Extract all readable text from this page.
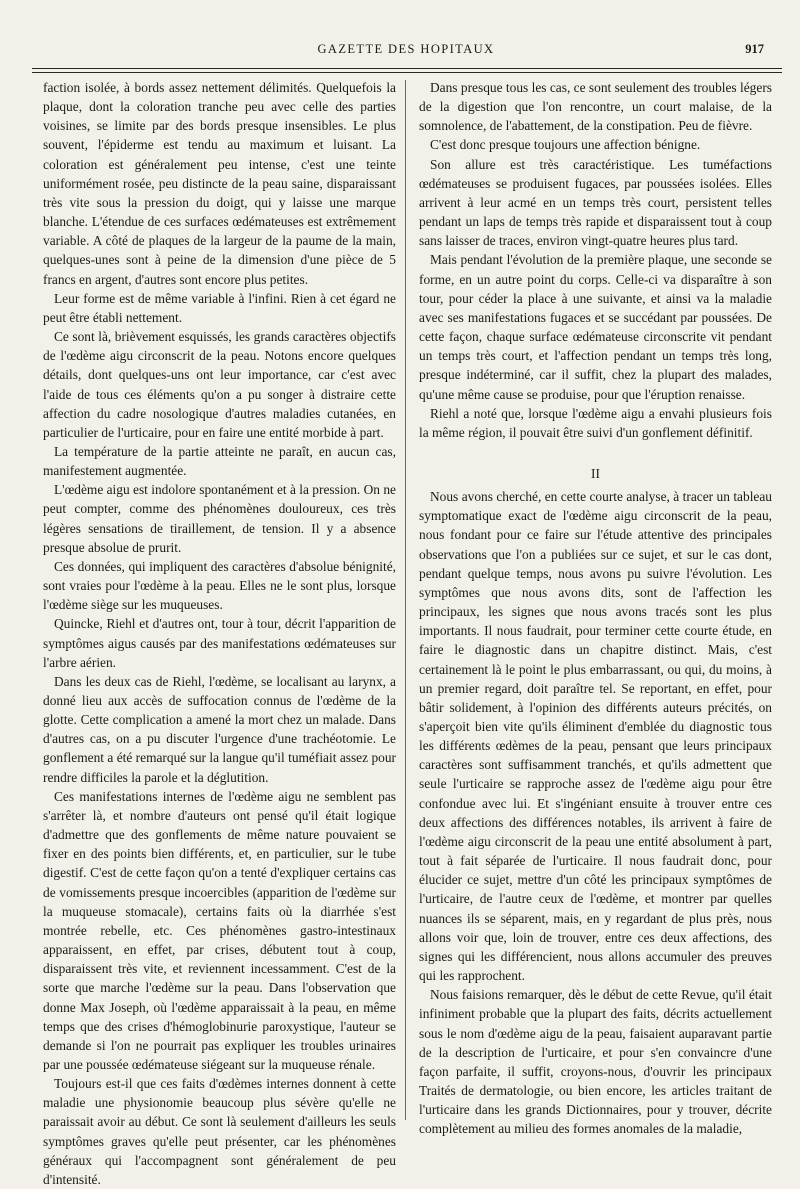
GAZETTE DES HOPITAUX	917

faction isolée, à bords assez nettement délimités. Quelquefois la plaque, dont la coloration tranche peu avec celle des parties voisines, se limite par des bords presque insensibles. Le plus souvent, l'épiderme est tendu au maximum et luisant. La coloration est généralement peu intense, c'est une teinte uniformément rosée, peu distincte de la peau saine, disparaissant très vite sous la pression du doigt, qui y laisse une marque blanche. L'étendue de ces surfaces œdémateuses est extrêmement variable. A côté de plaques de la largeur de la paume de la main, quelques-unes sont à peine de la dimension d'une pièce de 5 francs en argent, d'autres sont encore plus petites.

Leur forme est de même variable à l'infini. Rien à cet égard ne peut être établi nettement.

Ce sont là, brièvement esquissés, les grands caractères objectifs de l'œdème aigu circonscrit de la peau. Notons encore quelques détails, dont quelques-uns ont leur importance, car c'est avec l'aide de tous ces éléments qu'on a pu songer à distraire cette affection du cadre nosologique d'autres maladies cutanées, en particulier de l'urticaire, pour en faire une entité morbide à part.

La température de la partie atteinte ne paraît, en aucun cas, manifestement augmentée.

L'œdème aigu est indolore spontanément et à la pression. On ne peut compter, comme des phénomènes douloureux, ces très légères sensations de tiraillement, de tension. Il y a absence presque absolue de prurit.

Ces données, qui impliquent des caractères d'absolue bénignité, sont vraies pour l'œdème à la peau. Elles ne le sont plus, lorsque l'œdème siège sur les muqueuses.

Quincke, Riehl et d'autres ont, tour à tour, décrit l'apparition de symptômes aigus causés par des manifestations œdémateuses sur l'arbre aérien.

Dans les deux cas de Riehl, l'œdème, se localisant au larynx, a donné lieu aux accès de suffocation connus de l'œdème de la glotte. Cette complication a amené la mort chez un malade. Dans d'autres cas, on a pu discuter l'urgence d'une trachéotomie. Le gonflement a été remarqué sur la langue qu'il tuméfiait assez pour rendre difficiles la parole et la déglutition.

Ces manifestations internes de l'œdème aigu ne semblent pas s'arrêter là, et nombre d'auteurs ont pensé qu'il était logique d'admettre que des gonflements de même nature pouvaient se fixer en des points bien différents, et, en particulier, sur le tube digestif. C'est de cette façon qu'on a tenté d'expliquer certains cas de vomissements presque incoercibles (apparition de l'œdème sur la muqueuse stomacale), certains faits où la diarrhée s'est montrée rebelle, etc. Ces phénomènes gastro-intestinaux apparaissent, en effet, par crises, débutent tout à coup, disparaissent très vite, et reviennent incessamment. C'est de la sorte que marche l'œdème sur la peau. Dans l'observation que donne Max Joseph, où l'œdème apparaissait à la peau, en même temps que des crises d'hémoglobinurie paroxystique, l'auteur se demande si l'on ne pourrait pas expliquer les troubles urinaires par une poussée œdémateuse siégeant sur la muqueuse rénale.

Toujours est-il que ces faits d'œdèmes internes donnent à cette maladie une physionomie beaucoup plus sévère qu'elle ne paraissait avoir au début. Ce sont là seulement d'ailleurs les seuls symptômes graves qu'elle peut présenter, car les phénomènes généraux qui l'accompagnent sont généralement de peu d'intensité.

Dans presque tous les cas, ce sont seulement des troubles légers de la digestion que l'on rencontre, un court malaise, de la somnolence, de l'abattement, de la constipation. Peu de fièvre.

C'est donc presque toujours une affection bénigne.

Son allure est très caractéristique. Les tuméfactions œdémateuses se produisent fugaces, par poussées isolées. Elles arrivent à leur acmé en un temps très court, persistent telles pendant un laps de temps très rapide et disparaissent tout à coup sans laisser de traces, environ vingt-quatre heures plus tard.

Mais pendant l'évolution de la première plaque, une seconde se forme, en un autre point du corps. Celle-ci va disparaître à son tour, pour céder la place à une suivante, et ainsi va la maladie avec ses manifestations fugaces et se succédant par poussées. De cette façon, chaque surface œdémateuse circonscrite vit pendant un temps très court, et l'affection pendant un temps très long, presque indéterminé, car il suffit, chez la plupart des malades, qu'une même cause se produise, pour que l'éruption renaisse.

Riehl a noté que, lorsque l'œdème aigu a envahi plusieurs fois la même région, il pouvait être suivi d'un gonflement définitif.

II

Nous avons cherché, en cette courte analyse, à tracer un tableau symptomatique exact de l'œdème aigu circonscrit de la peau, nous fondant pour ce faire sur l'étude attentive des principales observations que l'on a publiées sur ce sujet, et sur le cas dont, pendant quelque temps, nous avons pu suivre l'évolution. Les symptômes que nous avons dits, sont de l'affection les principaux, les signes que nous avons tracés sont les plus importants. Il nous faudrait, pour terminer cette courte étude, en faire le diagnostic dans un chapitre distinct. Mais, c'est certainement là le point le plus embarrassant, ou qui, du moins, à un premier regard, doit paraître tel. Se reportant, en effet, pour bâtir solidement, à l'opinion des différents auteurs précités, on s'aperçoit bien vite qu'ils éliminent d'emblée du diagnostic tous les différents œdèmes de la peau, pensant que leurs principaux caractères sont suffisamment tranchés, et qu'ils admettent que seule l'urticaire se rapproche assez de l'œdème aigu pour être confondue avec lui. Et s'ingéniant ensuite à trouver entre ces deux affections des différences notables, ils arrivent à faire de l'œdème aigu circonscrit de la peau une entité absolument à part, tout à fait séparée de l'urticaire. Il nous faudrait donc, pour élucider ce sujet, mettre d'un côté les principaux symptômes de l'urticaire, de l'autre ceux de l'œdème, et montrer par quelles nuances ils se séparent, mais, en y regardant de plus près, nous allons voir que, loin de trouver, entre ces deux affections, des signes qui les différencient, nous allons accumuler des preuves qui les rapprochent.

Nous faisions remarquer, dès le début de cette Revue, qu'il était infiniment probable que la plupart des faits, décrits actuellement sous le nom d'œdème aigu de la peau, faisaient auparavant partie de la description de l'urticaire, et pour s'en convaincre d'une façon parfaite, il suffit, croyons-nous, d'ouvrir les principaux Traités de dermatologie, ou bien encore, les articles traitant de l'urticaire dans les grands Dictionnaires, pour y trouver, décrite complètement au milieu des formes anomales de la maladie,
